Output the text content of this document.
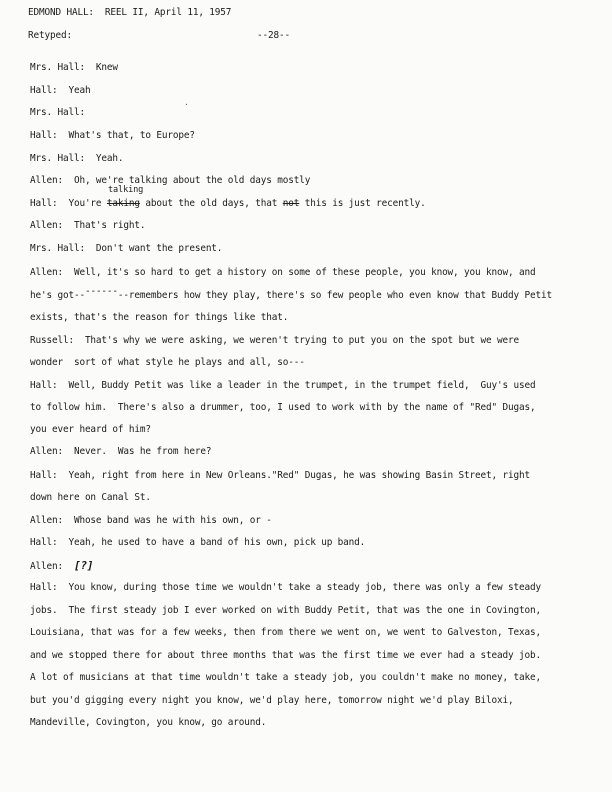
EDMOND HALL:  REEL II, April 11, 1957
Retyped:	--28--
Mrs. Hall:  Knew
Hall:  Yeah
Mrs. Hall:
·
Hall:  What's that, to Europe?
Mrs. Hall:  Yeah.
Allen:  Oh, we're talking about the old days mostly
talking
Hall:  You're taking about the old days, that not this is just recently.
Allen:  That's right.
Mrs. Hall:  Don't want the present.
Allen:  Well, it's so hard to get a history on some of these people, you know, you know, and
he's got----------remembers how they play, there's so few people who even know that Buddy Petit
exists, that's the reason for things like that.
Russell:  That's why we were asking, we weren't trying to put you on the spot but we were
wonder  sort of what style he plays and all, so---
Hall:  Well, Buddy Petit was like a leader in the trumpet, in the trumpet field,  Guy's used
to follow him.  There's also a drummer, too, I used to work with by the name of "Red" Dugas,
you ever heard of him?
Allen:  Never.  Was he from here?
Hall:  Yeah, right from here in New Orleans."Red" Dugas, he was showing Basin Street, right
down here on Canal St.
Allen:  Whose band was he with his own, or -
Hall:  Yeah, he used to have a band of his own, pick up band.
Allen:  [?]
Hall:  You know, during those time we wouldn't take a steady job, there was only a few steady
jobs.  The first steady job I ever worked on with Buddy Petit, that was the one in Covington,
Louisiana, that was for a few weeks, then from there we went on, we went to Galveston, Texas,
and we stopped there for about three months that was the first time we ever had a steady job.
A lot of musicians at that time wouldn't take a steady job, you couldn't make no money, take,
but you'd gigging every night you know, we'd play here, tomorrow night we'd play Biloxi,
Mandeville, Covington, you know, go around.
